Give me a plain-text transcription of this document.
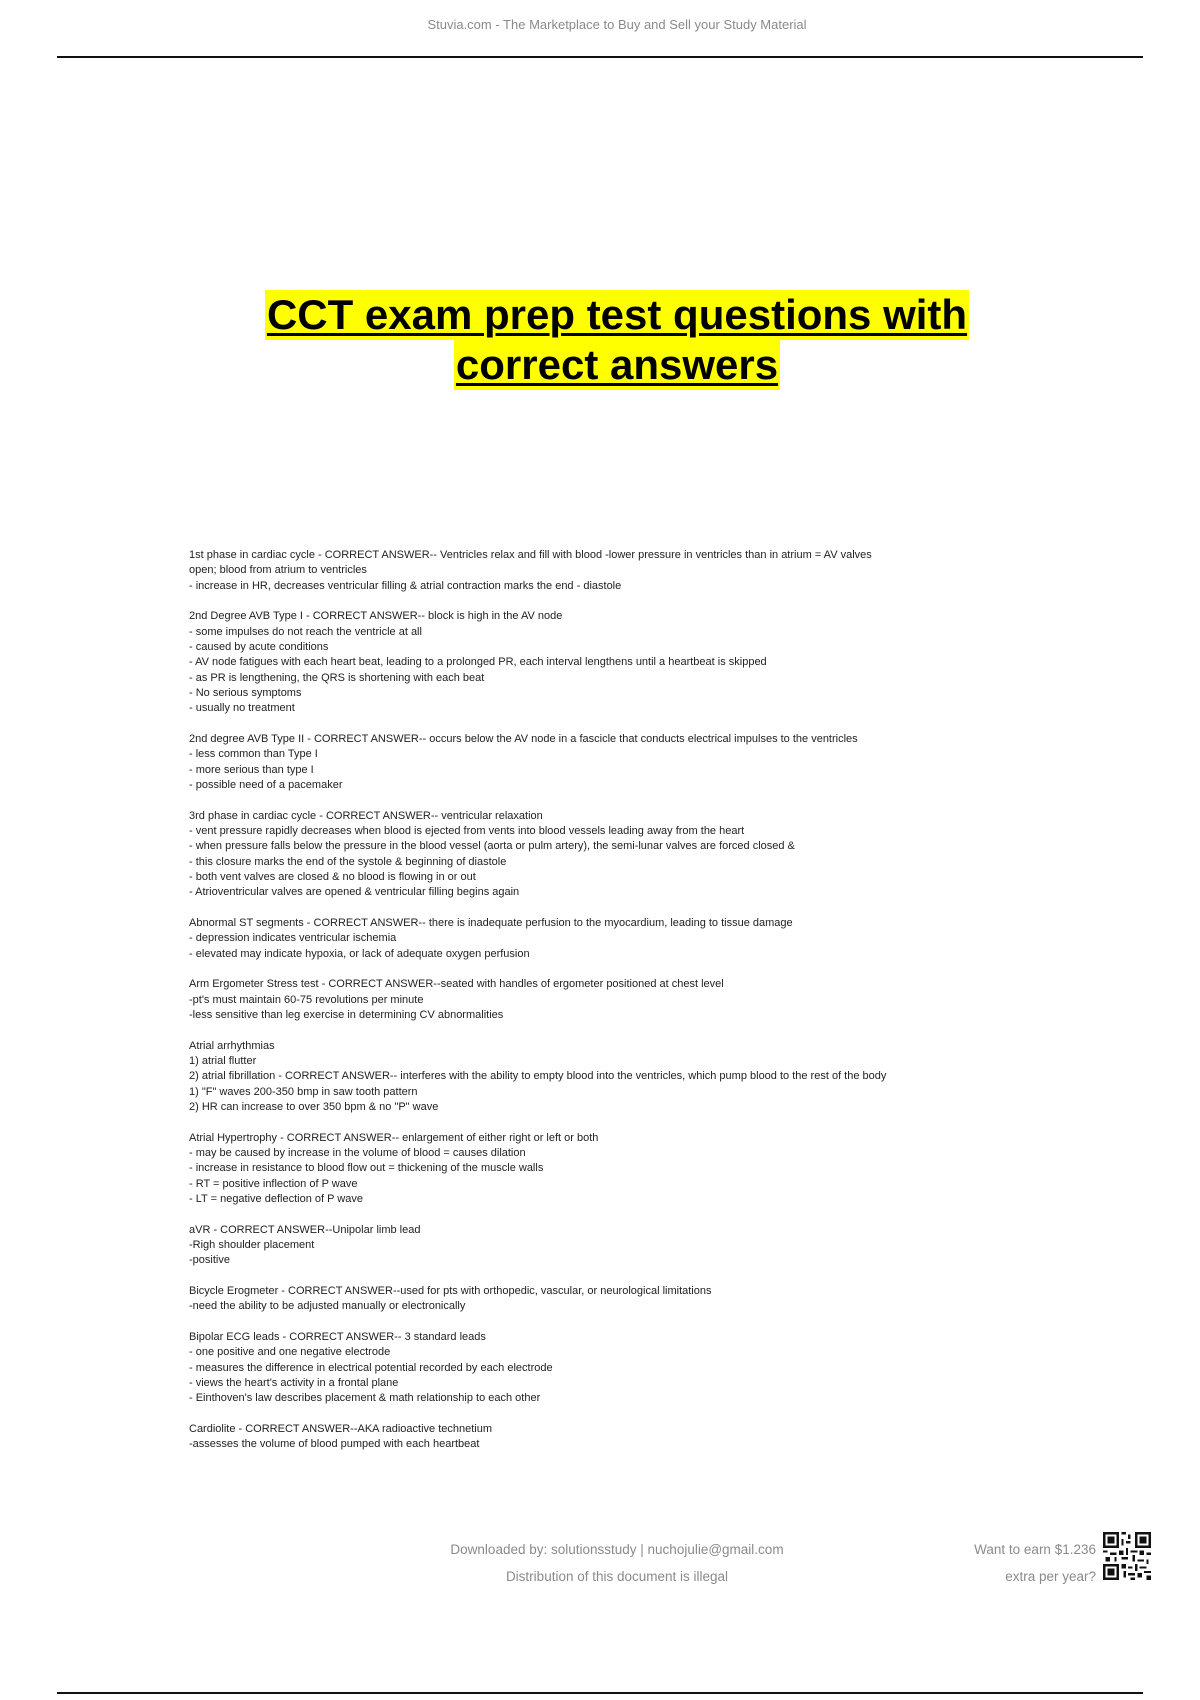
Stuvia.com - The Marketplace to Buy and Sell your Study Material
CCT exam prep test questions with
correct answers
1st phase in cardiac cycle - CORRECT ANSWER-- Ventricles relax and fill with blood -lower pressure in ventricles than in atrium = AV valves
open; blood from atrium to ventricles
- increase in HR, decreases ventricular filling & atrial contraction marks the end - diastole
2nd Degree AVB Type I - CORRECT ANSWER-- block is high in the AV node
- some impulses do not reach the ventricle at all
- caused by acute conditions
- AV node fatigues with each heart beat, leading to a prolonged PR, each interval lengthens until a heartbeat is skipped
- as PR is lengthening, the QRS is shortening with each beat
- No serious symptoms
- usually no treatment
2nd degree AVB Type II - CORRECT ANSWER-- occurs below the AV node in a fascicle that conducts electrical impulses to the ventricles
- less common than Type I
- more serious than type I
- possible need of a pacemaker
3rd phase in cardiac cycle - CORRECT ANSWER-- ventricular relaxation
- vent pressure rapidly decreases when blood is ejected from vents into blood vessels leading away from the heart
- when pressure falls below the pressure in the blood vessel (aorta or pulm artery), the semi-lunar valves are forced closed &
- this closure marks the end of the systole & beginning of diastole
- both vent valves are closed & no blood is flowing in or out
- Atrioventricular valves are opened & ventricular filling begins again
Abnormal ST segments - CORRECT ANSWER-- there is inadequate perfusion to the myocardium, leading to tissue damage
- depression indicates ventricular ischemia
- elevated may indicate hypoxia, or lack of adequate oxygen perfusion
Arm Ergometer Stress test - CORRECT ANSWER--seated with handles of ergometer positioned at chest level
-pt's must maintain 60-75 revolutions per minute
-less sensitive than leg exercise in determining CV abnormalities
Atrial arrhythmias
1) atrial flutter
2) atrial fibrillation - CORRECT ANSWER-- interferes with the ability to empty blood into the ventricles, which pump blood to the rest of the body
1) "F" waves 200-350 bmp in saw tooth pattern
2) HR can increase to over 350 bpm & no "P" wave
Atrial Hypertrophy - CORRECT ANSWER-- enlargement of either right or left or both
- may be caused by increase in the volume of blood = causes dilation
- increase in resistance to blood flow out = thickening of the muscle walls
- RT = positive inflection of P wave
- LT = negative deflection of P wave
aVR - CORRECT ANSWER--Unipolar limb lead
-Righ shoulder placement
-positive
Bicycle Erogmeter - CORRECT ANSWER--used for pts with orthopedic, vascular, or neurological limitations
-need the ability to be adjusted manually or electronically
Bipolar ECG leads - CORRECT ANSWER-- 3 standard leads
- one positive and one negative electrode
- measures the difference in electrical potential recorded by each electrode
- views the heart's activity in a frontal plane
- Einthoven's law describes placement & math relationship to each other
Cardiolite - CORRECT ANSWER--AKA radioactive technetium
-assesses the volume of blood pumped with each heartbeat
Downloaded by: solutionsstudy | nuchojulie@gmail.com
Distribution of this document is illegal
Want to earn $1.236
extra per year?
